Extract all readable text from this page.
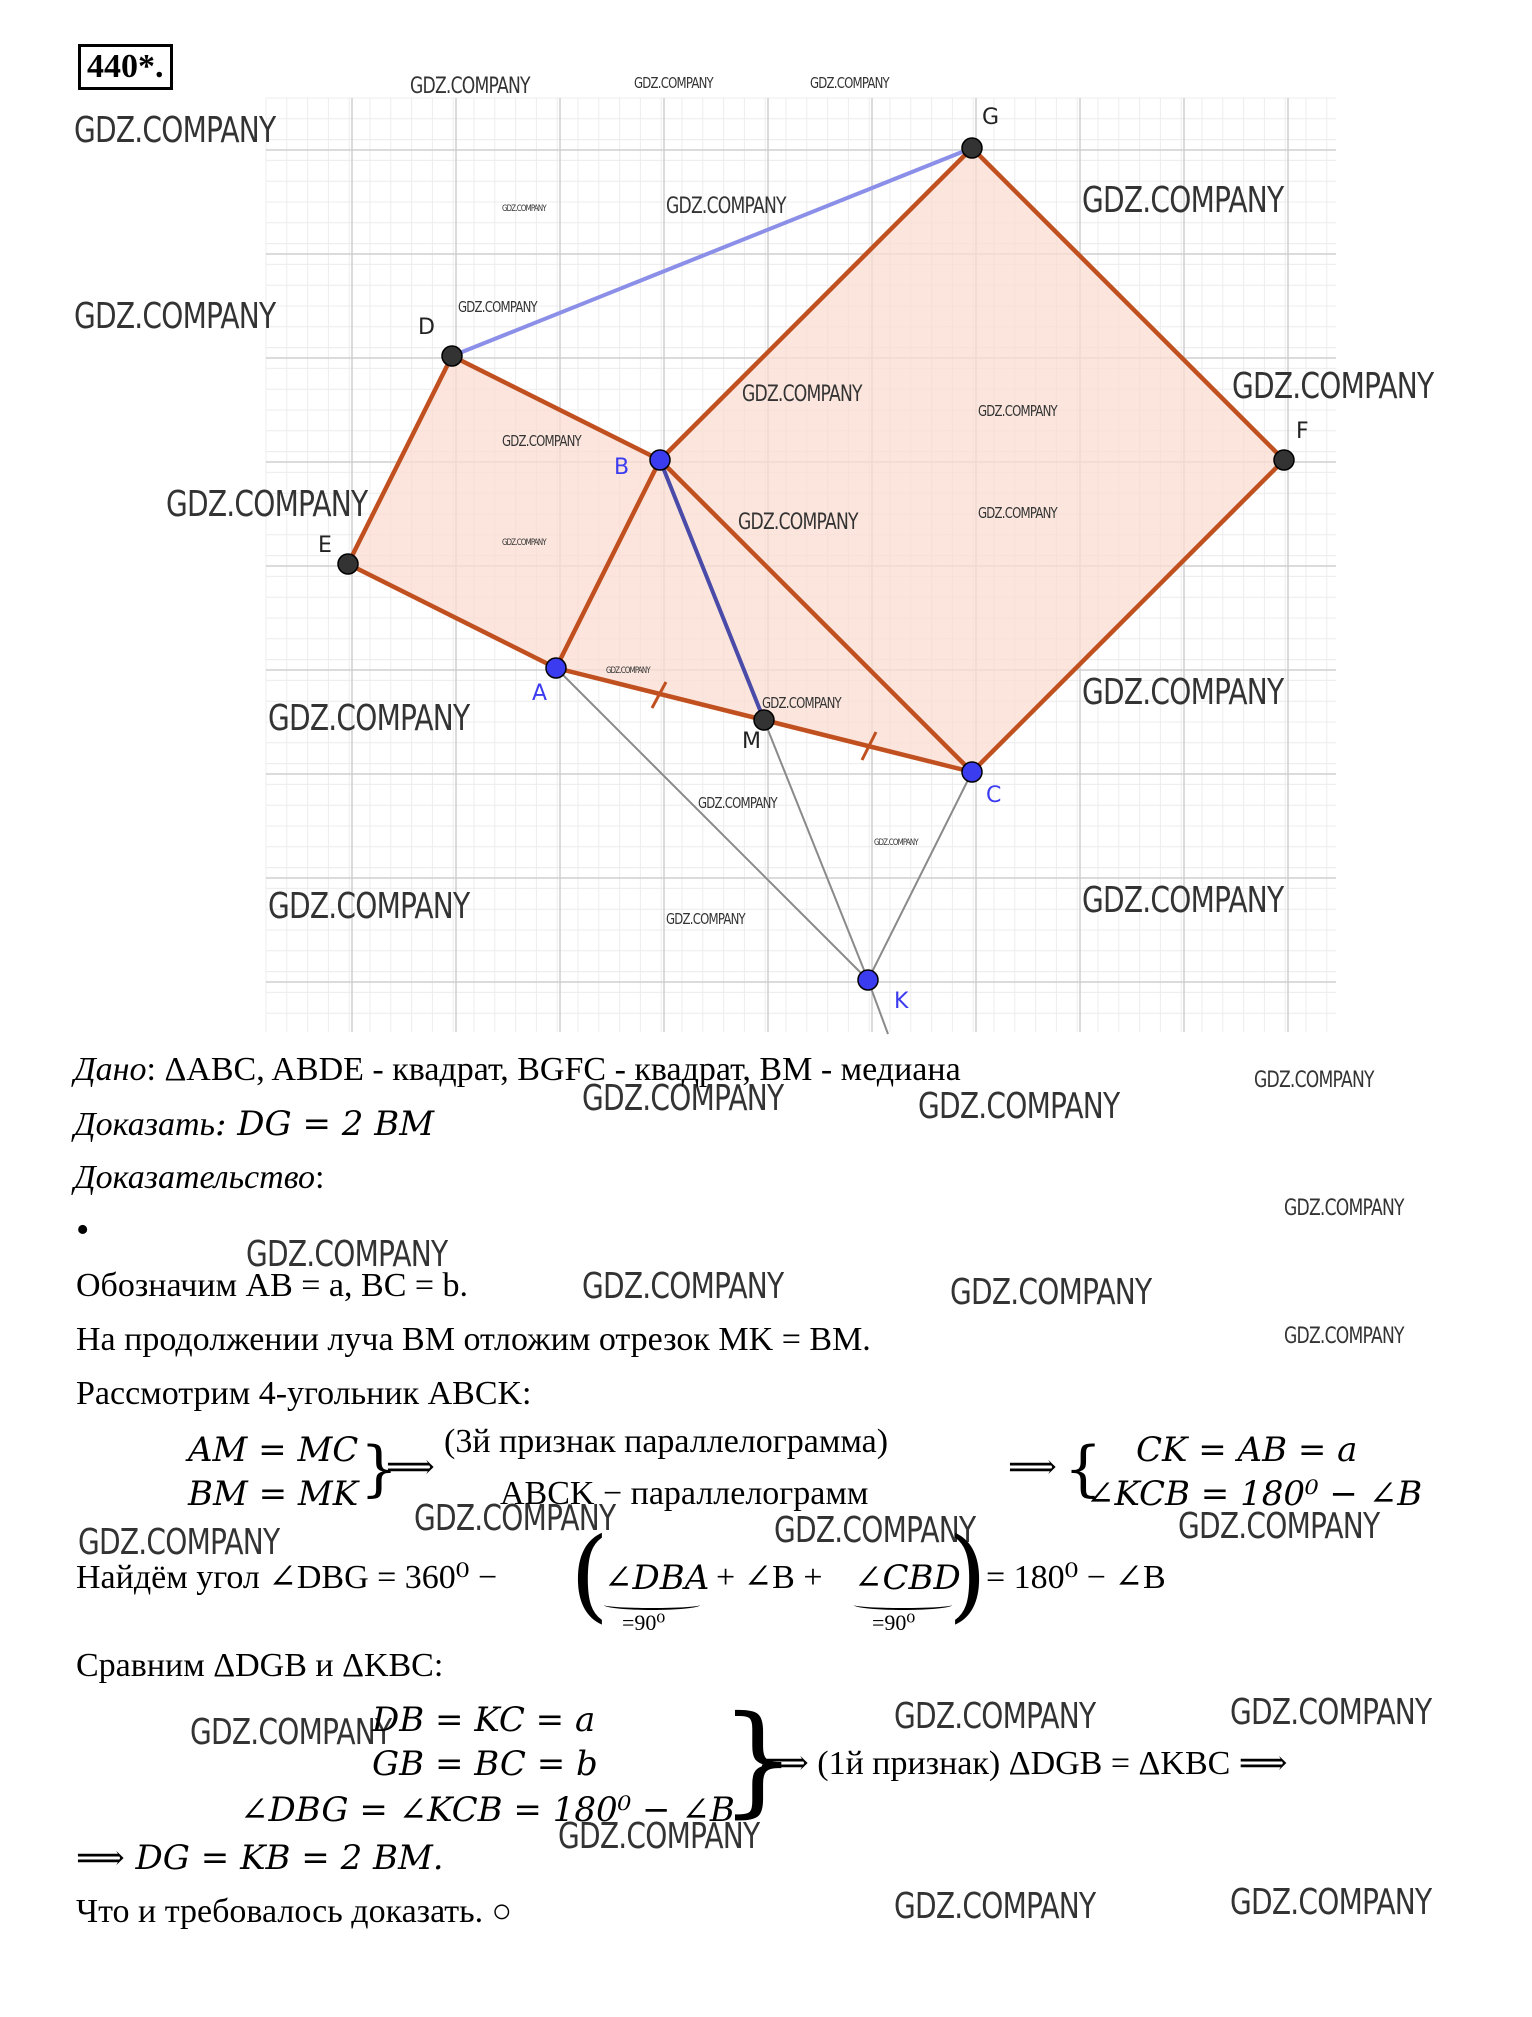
440*.
A
B
C
D
E
F
G
M
K
GDZ.COMPANY
GDZ.COMPANY
GDZ.COMPANY
GDZ.COMPANY
GDZ.COMPANY
GDZ.COMPANY
GDZ.COMPANY
GDZ.COMPANY
GDZ.COMPANY
GDZ.COMPANY	GDZ.COMPANY	GDZ.COMPANY
GDZ.COMPANY
GDZ.COMPANY
GDZ.COMPANY
GDZ.COMPANY
GDZ.COMPANY
GDZ.COMPANY
GDZ.COMPANY	GDZ.COMPANY
GDZ.COMPANY
GDZ.COMPANY
GDZ.COMPANY
GDZ.COMPANY
GDZ.COMPANY
GDZ.COMPANY
GDZ.COMPANY	GDZ.COMPANY
GDZ.COMPANY
GDZ.COMPANY
GDZ.COMPANY
GDZ.COMPANY	GDZ.COMPANY
GDZ.COMPANY
GDZ.COMPANY
GDZ.COMPANY	GDZ.COMPANY	GDZ.COMPANY
GDZ.COMPANY	GDZ.COMPANY	GDZ.COMPANY
GDZ.COMPANY
GDZ.COMPANY	GDZ.COMPANY
Дано: ΔABC, ABDE - квадрат, BGFC - квадрат, BM - медиана
Доказать: DG = 2 BM
Доказательство:
•
Обозначим AB = a, BC = b.
На продолжении луча BM отложим отрезок MK = BM.
Рассмотрим 4-угольник ABCK:
AM = MC
BM = MK }
⟹
(3й признак параллелограмма)
ABCK − параллелограмм
⟹ { CK = AB = a
∠KCB = 180⁰ − ∠B
Найдём угол ∠DBG = 360⁰ − (
∠DBA
=90⁰
+ ∠B + ∠CBD
=90⁰ )
= 180⁰ − ∠B
Сравним ΔDGB и ΔKBC:
DB = KC = a
GB = BC = b
∠DBG = ∠KCB = 180⁰ − ∠B
}
⟹ (1й признак) ΔDGB = ΔKBC ⟹
⟹ DG = KB = 2 BM.
Что и требовалось доказать. ○
